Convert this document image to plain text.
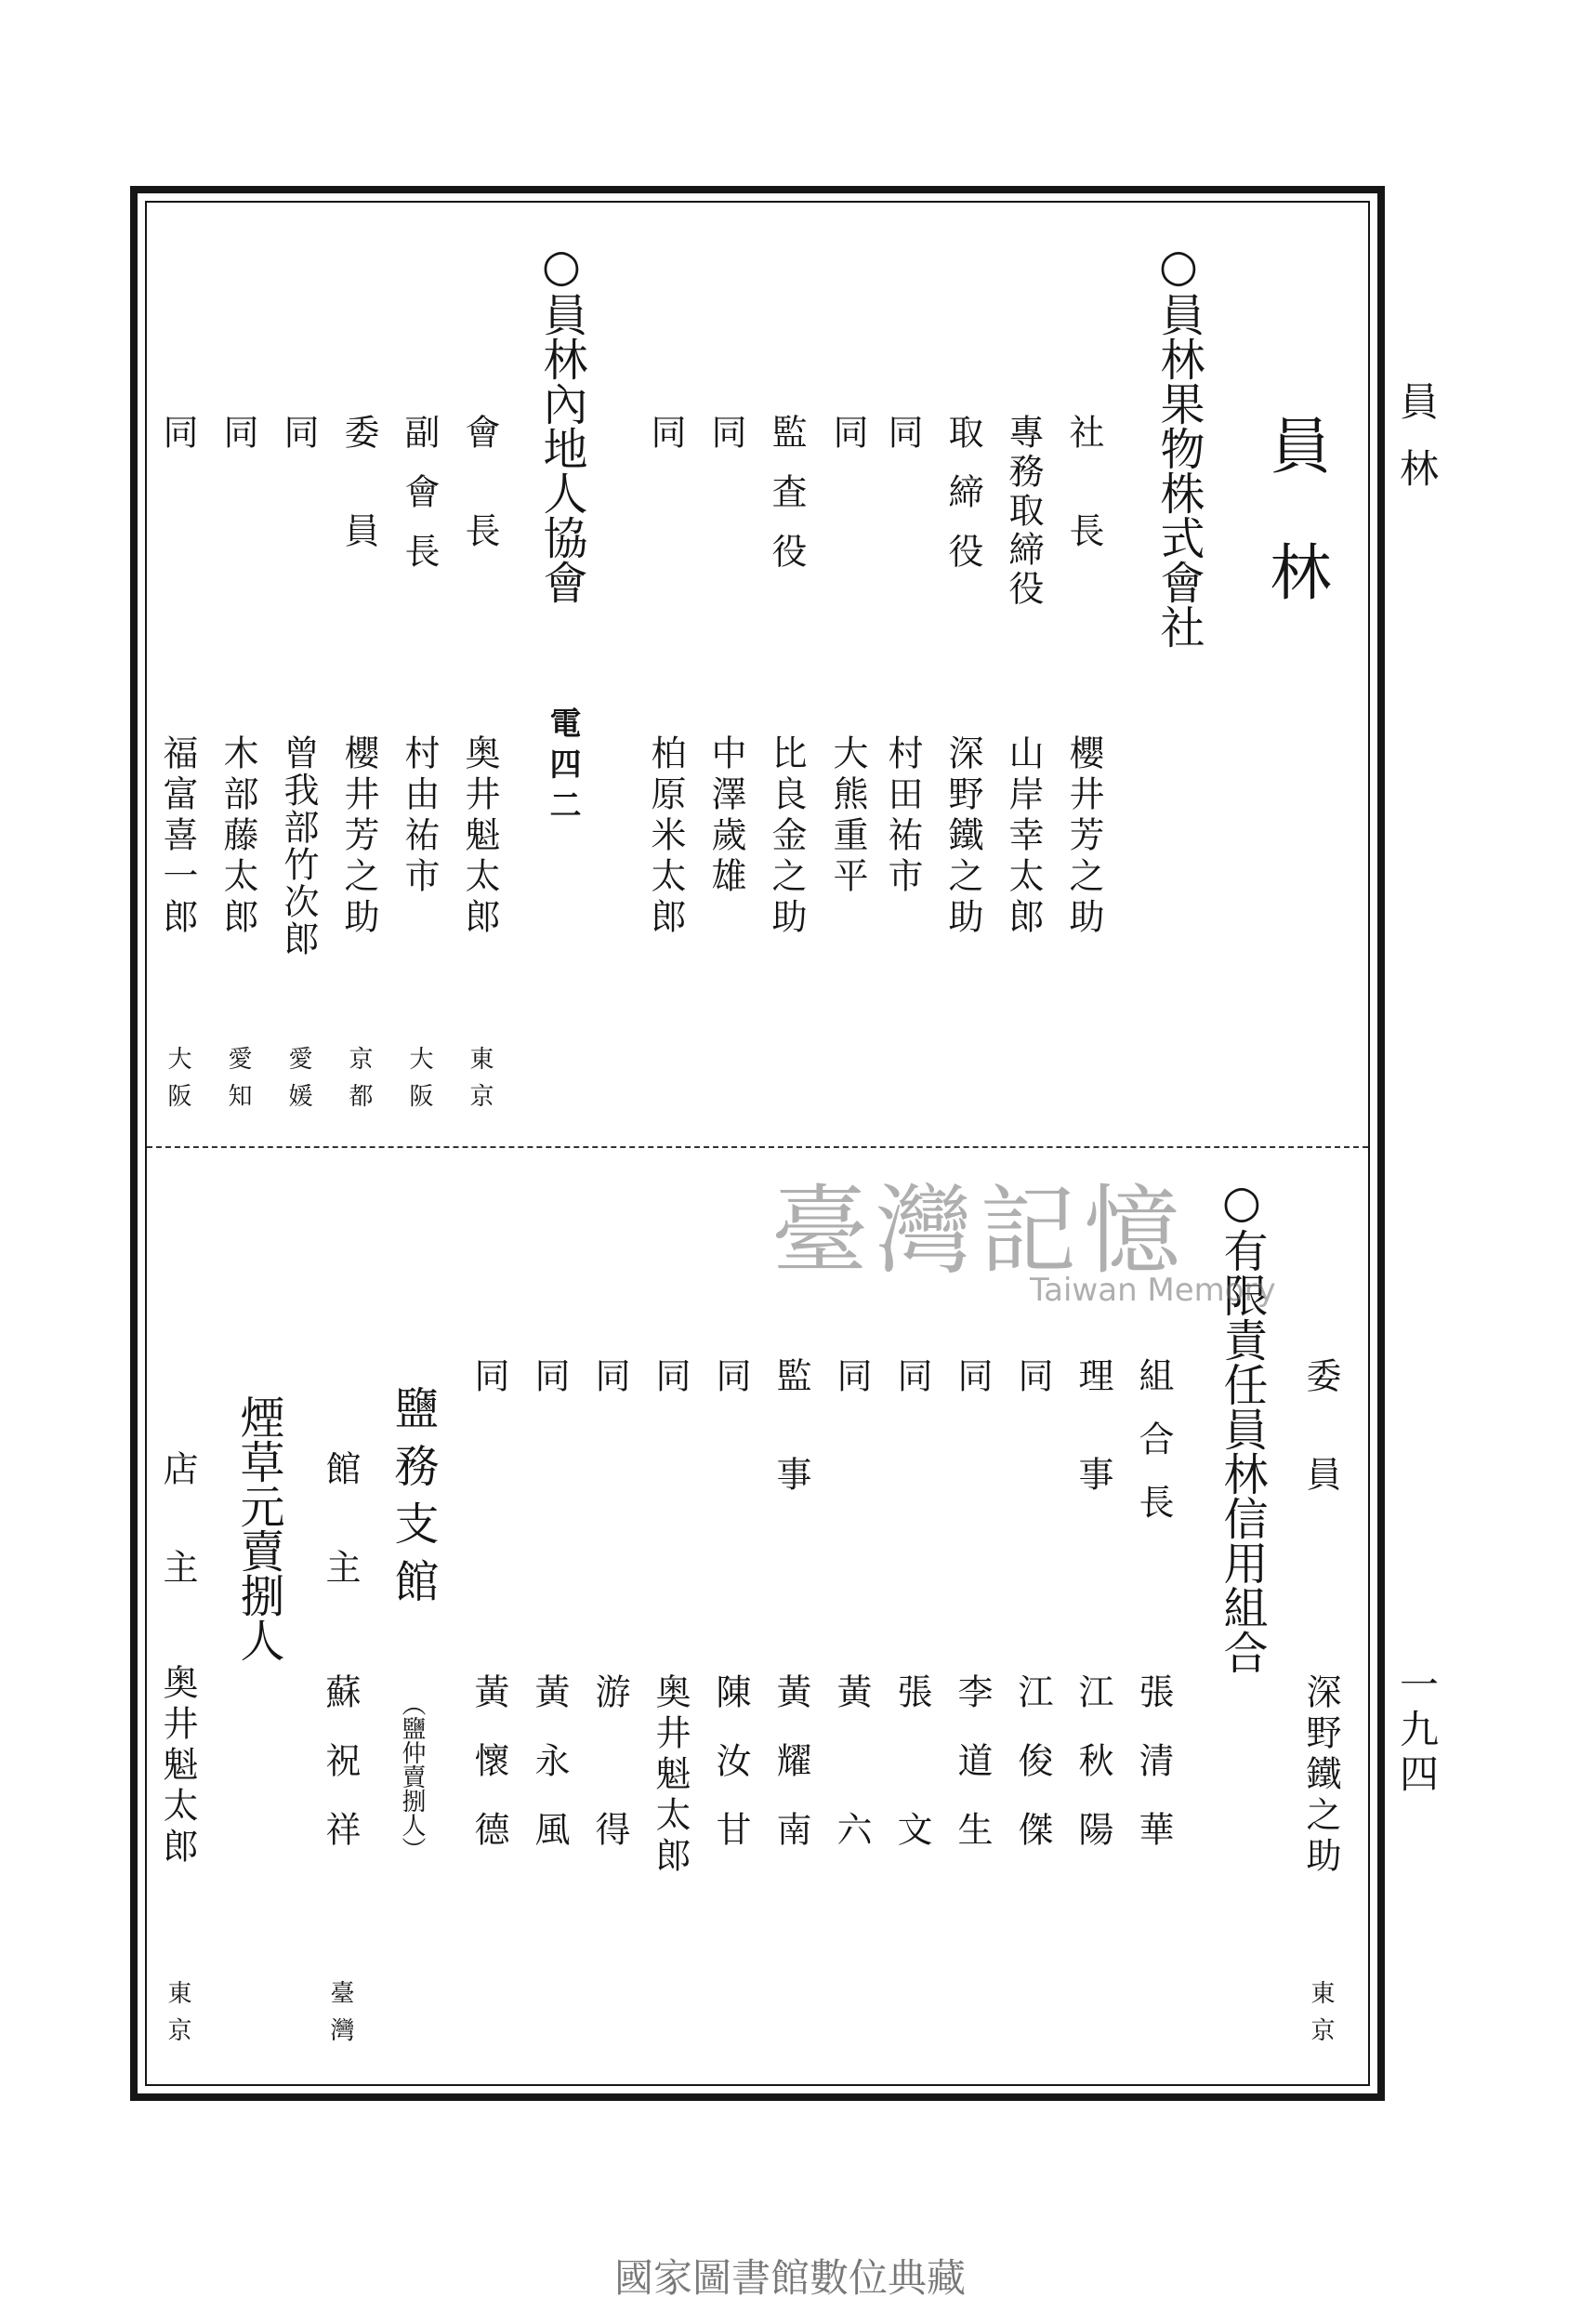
員林

一九四

員林

○員林果物株式會社

社長

櫻井芳之助

專務取締役

山岸幸太郎

取締役

深野鐵之助

同

村田祐市

同

大熊重平

監査役

比良金之助

同

中澤歲雄

同

柏原米太郎

○員林內地人協會

電四二

會長

奥井魁太郎

東京

副會長

村由祐市

大阪

委員

櫻井芳之助

京都

同

曾我部竹次郎

愛媛

同

木部藤太郎

愛知

同

福富喜一郎

大阪

委員

深野鐵之助

東京

○有限責任員林信用組合

組合長

張清華

理事

江秋陽

同

江俊傑

同

李道生

同

張文

同

黃六

監事

黃耀南

同

陳汝甘

同

奥井魁太郎

同

游得

同

黃永風

同

黃懷德

鹽務支館

（鹽仲賣捌人）

館主

蘇祝祥

臺灣

煙草元賣捌人

店主

奥井魁太郎

東京

臺灣記憶
Taiwan Memory
國家圖書館數位典藏
